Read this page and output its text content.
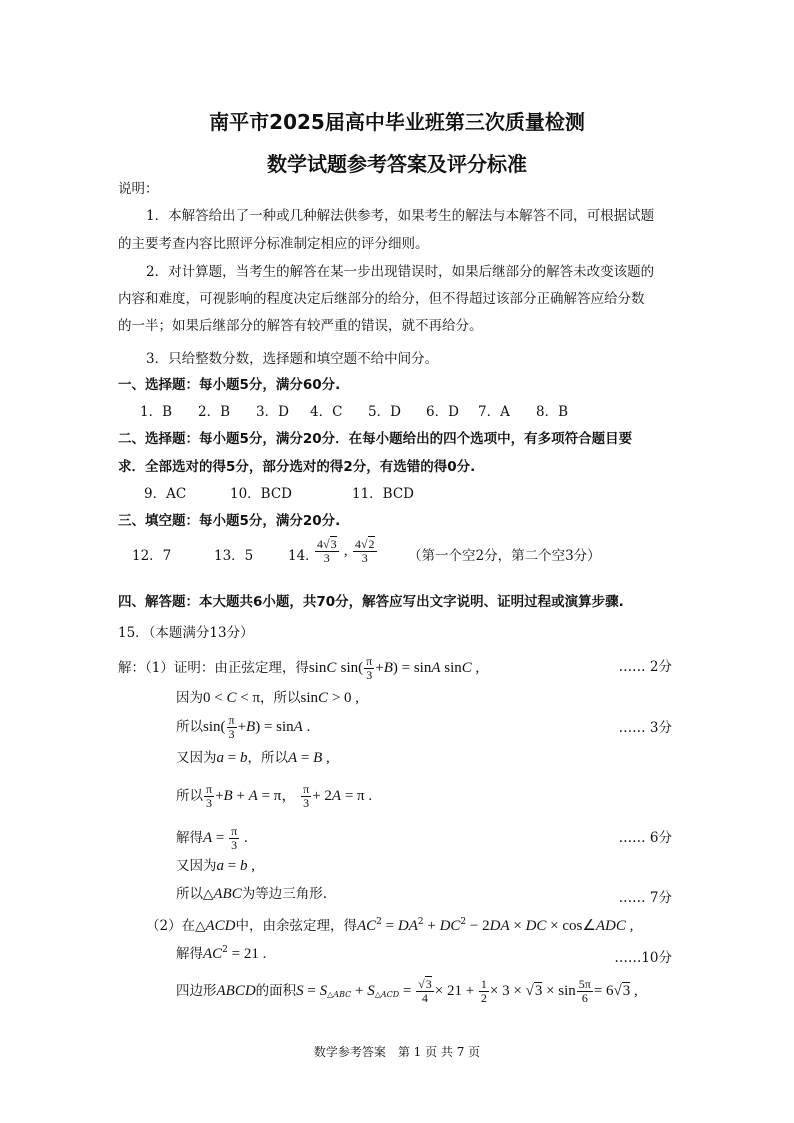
南平市2025届高中毕业班第三次质量检测
数学试题参考答案及评分标准
说明：
1．本解答给出了一种或几种解法供参考，如果考生的解法与本解答不同，可根据试题
的主要考查内容比照评分标准制定相应的评分细则。
2．对计算题，当考生的解答在某一步出现错误时，如果后继部分的解答未改变该题的
内容和难度，可视影响的程度决定后继部分的给分，但不得超过该部分正确解答应给分数
的一半；如果后继部分的解答有较严重的错误，就不再给分。
3．只给整数分数，选择题和填空题不给中间分。
一、选择题：每小题5分，满分60分.
1．B 2．B 3．D 4．C 5．D 6．D 7．A 8．B
二、选择题：每小题5分，满分20分．在每小题给出的四个选项中，有多项符合题目要
求．全部选对的得5分，部分选对的得2分，有选错的得0分.
9．AC	10．BCD	11．BCD
三、填空题：每小题5分，满分20分.
12．7	13．5	14．
$\frac{4√3}{3}$ , $\frac{4√2}{3}$ （第一个空2分，第二个空3分）
四、解答题：本大题共6小题，共70分，解答应写出文字说明、证明过程或演算步骤.
15．（本题满分13分）
解：（1）证明：由正弦定理，得sinC $\sin( \frac{\pi}{3} +B) = \sin A$ sinC ,	…… 2分
因为0 < C < π，所以sinC > 0 ,
所以$\sin( \frac{\pi}{3} +B) = \sin A$ .	…… 3分
又因为a = b，所以A = B ,
所以 $\frac{\pi}{3} +B + A = \pi$， $\frac{\pi}{3} + 2A = \pi$ .
解得$A = \frac{\pi}{3}$ .	…… 6分
又因为a = b ,
所以△ABC为等边三角形.	…… 7分
（2）在△ACD中，由余弦定理，得$AC^2 = DA^2 + DC^2 - 2DA$ × DC × cos∠ADC ,
解得$AC^2 = 21$ .	……10分
四边形ABCD的面积$S = S_{\triangle ABC} + S_{\triangle ACD} = \frac{√3}{4} \times 21 + \frac{1}{2} \times 3 \times √3 \times \sin \frac{5\pi}{6} = 6√3$ ,
数学参考答案　第 1 页 共 7 页
